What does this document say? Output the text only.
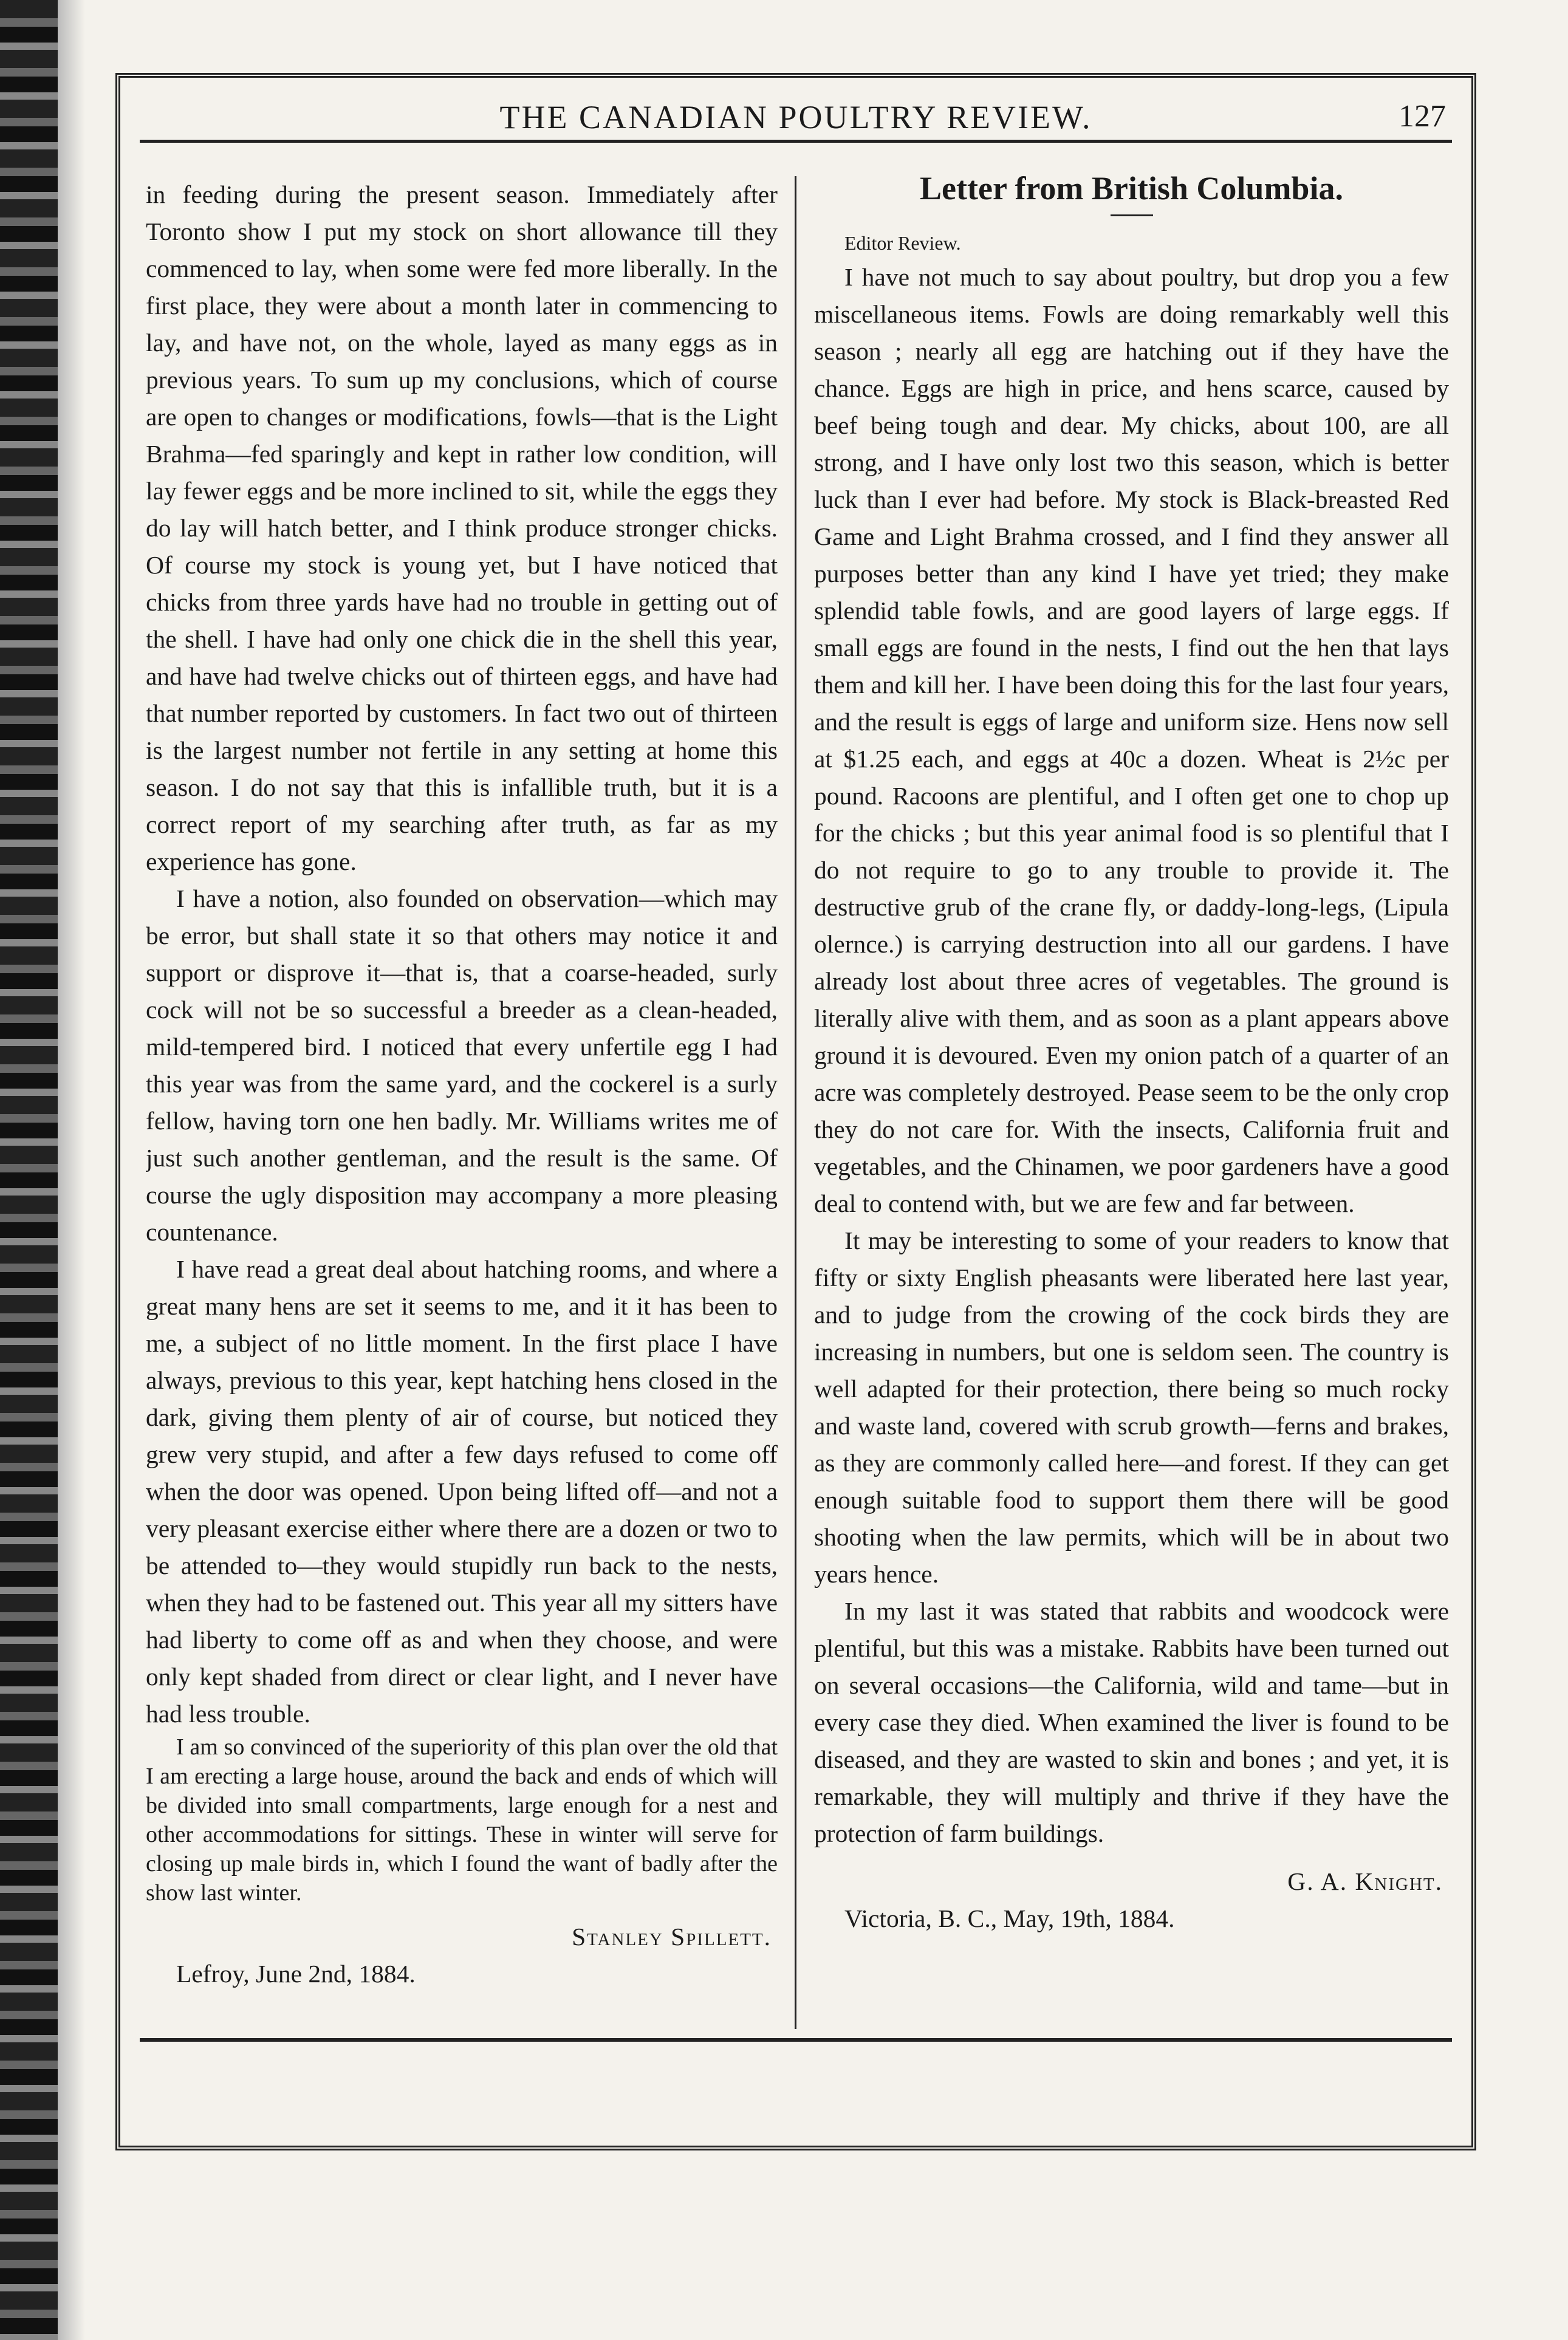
THE CANADIAN POULTRY REVIEW.	127

in feeding during the present season. Immediately after Toronto show I put my stock on short allowance till they commenced to lay, when some were fed more liberally. In the first place, they were about a month later in commencing to lay, and have not, on the whole, layed as many eggs as in previous years. To sum up my conclusions, which of course are open to changes or modifications, fowls—that is the Light Brahma—fed sparingly and kept in rather low condition, will lay fewer eggs and be more inclined to sit, while the eggs they do lay will hatch better, and I think produce stronger chicks. Of course my stock is young yet, but I have noticed that chicks from three yards have had no trouble in getting out of the shell. I have had only one chick die in the shell this year, and have had twelve chicks out of thirteen eggs, and have had that number reported by customers. In fact two out of thirteen is the largest number not fertile in any setting at home this season. I do not say that this is infallible truth, but it is a correct report of my searching after truth, as far as my experience has gone.

I have a notion, also founded on observation—which may be error, but shall state it so that others may notice it and support or disprove it—that is, that a coarse-headed, surly cock will not be so successful a breeder as a clean-headed, mild-tempered bird. I noticed that every unfertile egg I had this year was from the same yard, and the cockerel is a surly fellow, having torn one hen badly. Mr. Williams writes me of just such another gentleman, and the result is the same. Of course the ugly disposition may accompany a more pleasing countenance.

I have read a great deal about hatching rooms, and where a great many hens are set it seems to me, and it it has been to me, a subject of no little moment. In the first place I have always, previous to this year, kept hatching hens closed in the dark, giving them plenty of air of course, but noticed they grew very stupid, and after a few days refused to come off when the door was opened. Upon being lifted off—and not a very pleasant exercise either where there are a dozen or two to be attended to—they would stupidly run back to the nests, when they had to be fastened out. This year all my sitters have had liberty to come off as and when they choose, and were only kept shaded from direct or clear light, and I never have had less trouble.

I am so convinced of the superiority of this plan over the old that I am erecting a large house, around the back and ends of which will be divided into small compartments, large enough for a nest and other accommodations for sittings. These in winter will serve for closing up male birds in, which I found the want of badly after the show last winter.

Stanley Spillett.
Lefroy, June 2nd, 1884.
Letter from British Columbia.

Editor Review.

I have not much to say about poultry, but drop you a few miscellaneous items. Fowls are doing remarkably well this season ; nearly all egg are hatching out if they have the chance. Eggs are high in price, and hens scarce, caused by beef being tough and dear. My chicks, about 100, are all strong, and I have only lost two this season, which is better luck than I ever had before. My stock is Black-breasted Red Game and Light Brahma crossed, and I find they answer all purposes better than any kind I have yet tried; they make splendid table fowls, and are good layers of large eggs. If small eggs are found in the nests, I find out the hen that lays them and kill her. I have been doing this for the last four years, and the result is eggs of large and uniform size. Hens now sell at $1.25 each, and eggs at 40c a dozen. Wheat is 2½c per pound. Racoons are plentiful, and I often get one to chop up for the chicks ; but this year animal food is so plentiful that I do not require to go to any trouble to provide it. The destructive grub of the crane fly, or daddy-long-legs, (Lipula olernce.) is carrying destruction into all our gardens. I have already lost about three acres of vegetables. The ground is literally alive with them, and as soon as a plant appears above ground it is devoured. Even my onion patch of a quarter of an acre was completely destroyed. Pease seem to be the only crop they do not care for. With the insects, California fruit and vegetables, and the Chinamen, we poor gardeners have a good deal to contend with, but we are few and far between.

It may be interesting to some of your readers to know that fifty or sixty English pheasants were liberated here last year, and to judge from the crowing of the cock birds they are increasing in numbers, but one is seldom seen. The country is well adapted for their protection, there being so much rocky and waste land, covered with scrub growth—ferns and brakes, as they are commonly called here—and forest. If they can get enough suitable food to support them there will be good shooting when the law permits, which will be in about two years hence.

In my last it was stated that rabbits and woodcock were plentiful, but this was a mistake. Rabbits have been turned out on several occasions—the California, wild and tame—but in every case they died. When examined the liver is found to be diseased, and they are wasted to skin and bones ; and yet, it is remarkable, they will multiply and thrive if they have the protection of farm buildings.

G. A. Knight.
Victoria, B. C., May, 19th, 1884.
